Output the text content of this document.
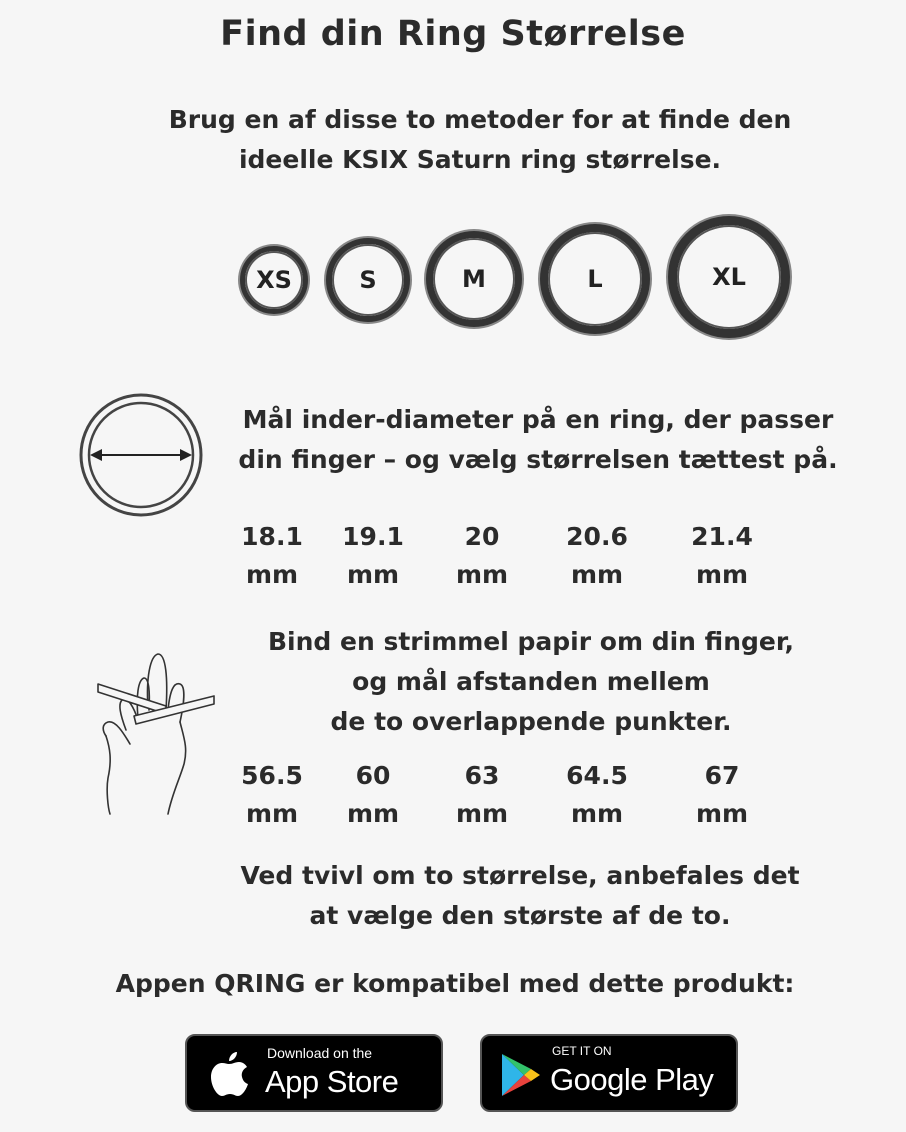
Find din Ring Størrelse
Brug en af disse to metoder for at finde den
ideelle KSIX Saturn ring størrelse.
XS	S	M	L	XL
Mål inder-diameter på en ring, der passer
din finger – og vælg størrelsen tættest på.
18.1
mm
19.1
mm
20
mm
20.6
mm
21.4
mm
Bind en strimmel papir om din finger,
og mål afstanden mellem
de to overlappende punkter.
56.5
mm
60
mm
63
mm
64.5
mm
67
mm
Ved tvivl om to størrelse, anbefales det
at vælge den største af de to.
Appen QRING er kompatibel med dette produkt:
Download on the
App Store
GET IT ON
Google Play
